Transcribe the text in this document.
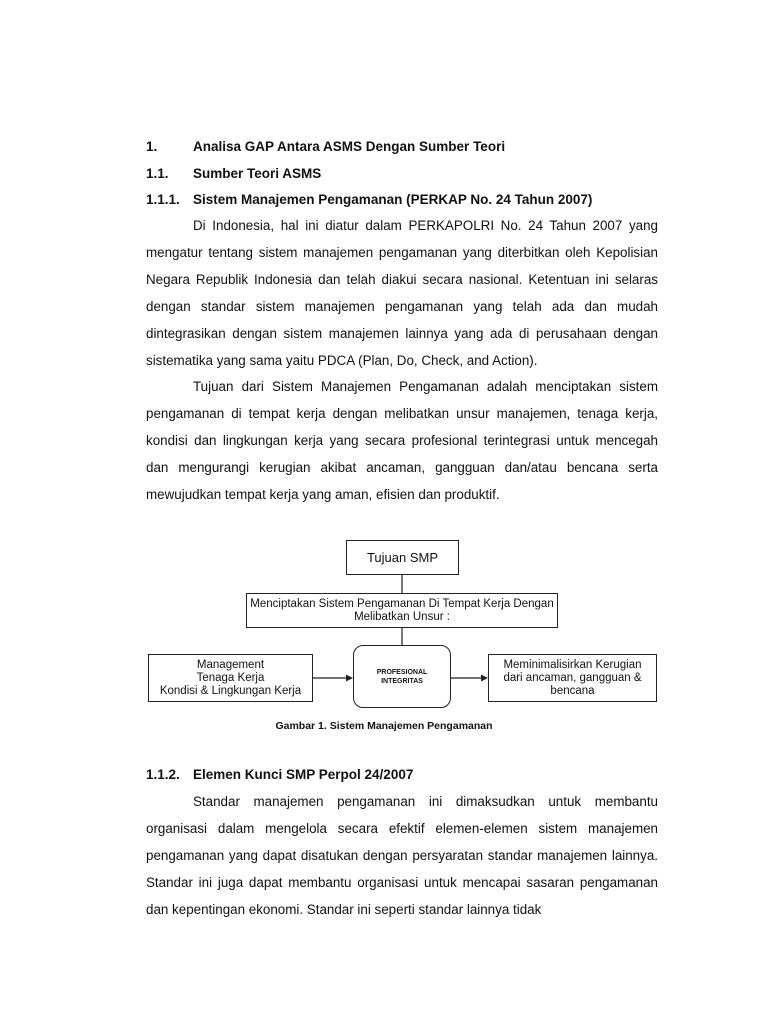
1.	Analisa GAP Antara ASMS Dengan Sumber Teori
1.1. Sumber Teori ASMS
1.1.1. Sistem Manajemen Pengamanan (PERKAP No. 24 Tahun 2007)

Di Indonesia, hal ini diatur dalam PERKAPOLRI No. 24 Tahun 2007 yang mengatur tentang sistem manajemen pengamanan yang diterbitkan oleh Kepolisian Negara Republik Indonesia dan telah diakui secara nasional. Ketentuan ini selaras dengan standar sistem manajemen pengamanan yang telah ada dan mudah dintegrasikan dengan sistem manajemen lainnya yang ada di perusahaan dengan sistematika yang sama yaitu PDCA (Plan, Do, Check, and Action).

Tujuan dari Sistem Manajemen Pengamanan adalah menciptakan sistem pengamanan di tempat kerja dengan melibatkan unsur manajemen, tenaga kerja, kondisi dan lingkungan kerja yang secara profesional terintegrasi untuk mencegah dan mengurangi kerugian akibat ancaman, gangguan dan/atau bencana serta mewujudkan tempat kerja yang aman, efisien dan produktif.

Tujuan SMP
Menciptakan Sistem Pengamanan Di Tempat Kerja Dengan
Melibatkan Unsur :
Management
Tenaga Kerja
Kondisi & Lingkungan Kerja
PROFESIONAL
INTEGRITAS
Meminimalisirkan Kerugian
dari ancaman, gangguan &
bencana
Gambar 1. Sistem Manajemen Pengamanan
1.1.2. Elemen Kunci SMP Perpol 24/2007

Standar manajemen pengamanan ini dimaksudkan untuk membantu organisasi dalam mengelola secara efektif elemen-elemen sistem manajemen pengamanan yang dapat disatukan dengan persyaratan standar manajemen lainnya. Standar ini juga dapat membantu organisasi untuk mencapai sasaran pengamanan dan kepentingan ekonomi. Standar ini seperti standar lainnya tidak
